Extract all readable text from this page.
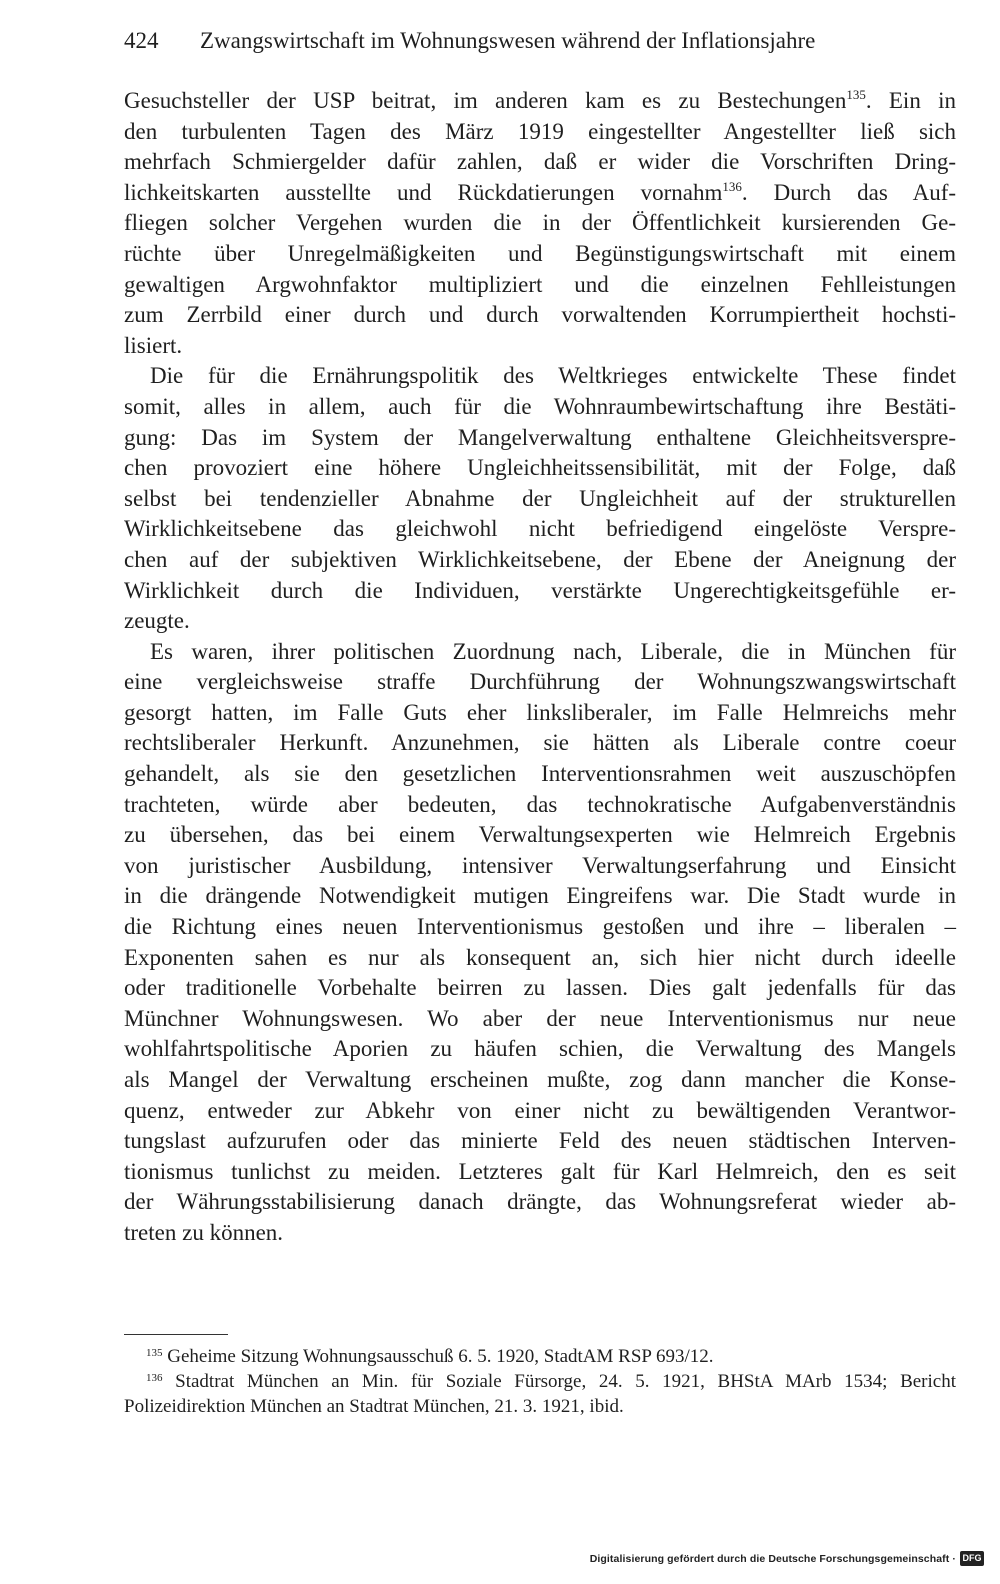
424 Zwangswirtschaft im Wohnungswesen während der Inflationsjahre
Gesuchsteller der USP beitrat, im anderen kam es zu Bestechungen$^{135}$. Ein in
den turbulenten Tagen des März 1919 eingestellter Angestellter ließ sich
mehrfach Schmiergelder dafür zahlen, daß er wider die Vorschriften Dring-
lichkeitskarten ausstellte und Rückdatierungen vornahm$^{136}$. Durch das Auf-
fliegen solcher Vergehen wurden die in der Öffentlichkeit kursierenden Ge-
rüchte über Unregelmäßigkeiten und Begünstigungswirtschaft mit einem
gewaltigen Argwohnfaktor multipliziert und die einzelnen Fehlleistungen
zum Zerrbild einer durch und durch vorwaltenden Korrumpiertheit hochsti-
lisiert.
Die für die Ernährungspolitik des Weltkrieges entwickelte These findet
somit, alles in allem, auch für die Wohnraumbewirtschaftung ihre Bestäti-
gung: Das im System der Mangelverwaltung enthaltene Gleichheitsverspre-
chen provoziert eine höhere Ungleichheitssensibilität, mit der Folge, daß
selbst bei tendenzieller Abnahme der Ungleichheit auf der strukturellen
Wirklichkeitsebene das gleichwohl nicht befriedigend eingelöste Verspre-
chen auf der subjektiven Wirklichkeitsebene, der Ebene der Aneignung der
Wirklichkeit durch die Individuen, verstärkte Ungerechtigkeitsgefühle er-
zeugte.
Es waren, ihrer politischen Zuordnung nach, Liberale, die in München für
eine vergleichsweise straffe Durchführung der Wohnungszwangswirtschaft
gesorgt hatten, im Falle Guts eher linksliberaler, im Falle Helmreichs mehr
rechtsliberaler Herkunft. Anzunehmen, sie hätten als Liberale contre coeur
gehandelt, als sie den gesetzlichen Interventionsrahmen weit auszuschöpfen
trachteten, würde aber bedeuten, das technokratische Aufgabenverständnis
zu übersehen, das bei einem Verwaltungsexperten wie Helmreich Ergebnis
von juristischer Ausbildung, intensiver Verwaltungserfahrung und Einsicht
in die drängende Notwendigkeit mutigen Eingreifens war. Die Stadt wurde in
die Richtung eines neuen Interventionismus gestoßen und ihre – liberalen –
Exponenten sahen es nur als konsequent an, sich hier nicht durch ideelle
oder traditionelle Vorbehalte beirren zu lassen. Dies galt jedenfalls für das
Münchner Wohnungswesen. Wo aber der neue Interventionismus nur neue
wohlfahrtspolitische Aporien zu häufen schien, die Verwaltung des Mangels
als Mangel der Verwaltung erscheinen mußte, zog dann mancher die Konse-
quenz, entweder zur Abkehr von einer nicht zu bewältigenden Verantwor-
tungslast aufzurufen oder das minierte Feld des neuen städtischen Interven-
tionismus tunlichst zu meiden. Letzteres galt für Karl Helmreich, den es seit
der Währungsstabilisierung danach drängte, das Wohnungsreferat wieder ab-
treten zu können.
$^{135}$ Geheime Sitzung Wohnungsausschuß 6. 5. 1920, StadtAM RSP 693/12.
$^{136}$ Stadtrat München an Min. für Soziale Fürsorge, 24. 5. 1921, BHStA MArb 1534; Bericht
Polizeidirektion München an Stadtrat München, 21. 3. 1921, ibid.
Digitalisierung gefördert durch die Deutsche Forschungsgemeinschaft · DFG
